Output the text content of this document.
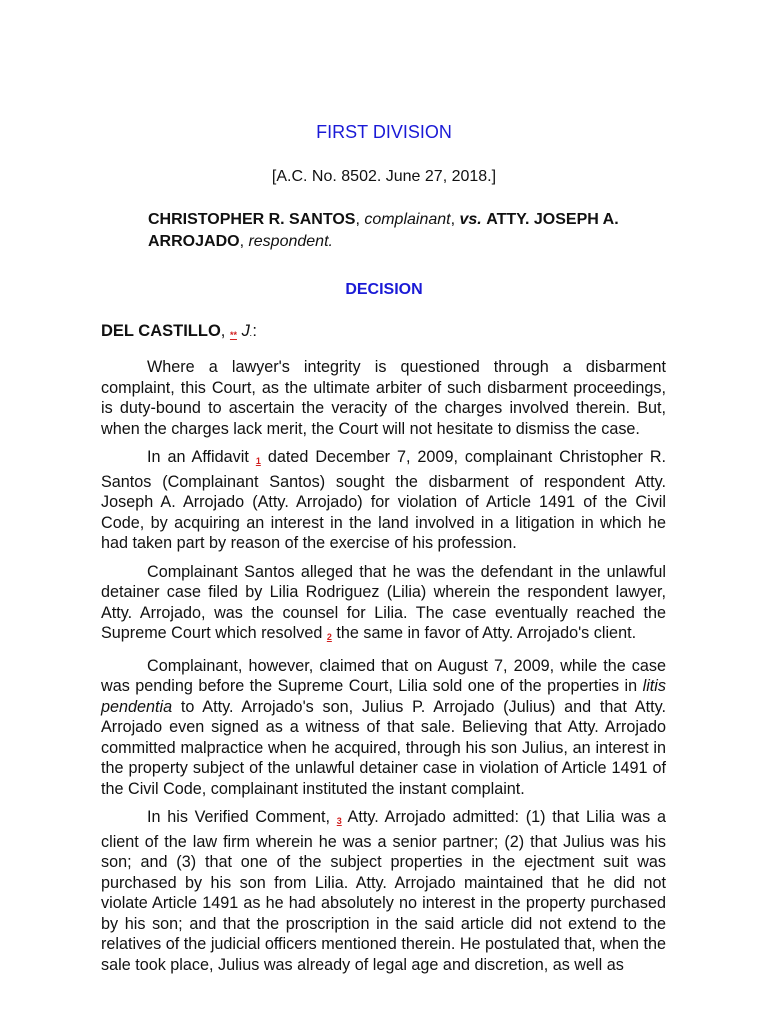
FIRST DIVISION
[A.C. No. 8502. June 27, 2018.]
CHRISTOPHER R. SANTOS, complainant, vs. ATTY. JOSEPH A. ARROJADO, respondent.
DECISION
DEL CASTILLO, ** J.:

Where a lawyer's integrity is questioned through a disbarment complaint, this Court, as the ultimate arbiter of such disbarment proceedings, is duty-bound to ascertain the veracity of the charges involved therein. But, when the charges lack merit, the Court will not hesitate to dismiss the case.

In an Affidavit 1 dated December 7, 2009, complainant Christopher R. Santos (Complainant Santos) sought the disbarment of respondent Atty. Joseph A. Arrojado (Atty. Arrojado) for violation of Article 1491 of the Civil Code, by acquiring an interest in the land involved in a litigation in which he had taken part by reason of the exercise of his profession.

Complainant Santos alleged that he was the defendant in the unlawful detainer case filed by Lilia Rodriguez (Lilia) wherein the respondent lawyer, Atty. Arrojado, was the counsel for Lilia. The case eventually reached the Supreme Court which resolved 2 the same in favor of Atty. Arrojado's client.

Complainant, however, claimed that on August 7, 2009, while the case was pending before the Supreme Court, Lilia sold one of the properties in litis pendentia to Atty. Arrojado's son, Julius P. Arrojado (Julius) and that Atty. Arrojado even signed as a witness of that sale. Believing that Atty. Arrojado committed malpractice when he acquired, through his son Julius, an interest in the property subject of the unlawful detainer case in violation of Article 1491 of the Civil Code, complainant instituted the instant complaint.

In his Verified Comment, 3 Atty. Arrojado admitted: (1) that Lilia was a client of the law firm wherein he was a senior partner; (2) that Julius was his son; and (3) that one of the subject properties in the ejectment suit was purchased by his son from Lilia. Atty. Arrojado maintained that he did not violate Article 1491 as he had absolutely no interest in the property purchased by his son; and that the proscription in the said article did not extend to the relatives of the judicial officers mentioned therein. He postulated that, when the sale took place, Julius was already of legal age and discretion, as well as
